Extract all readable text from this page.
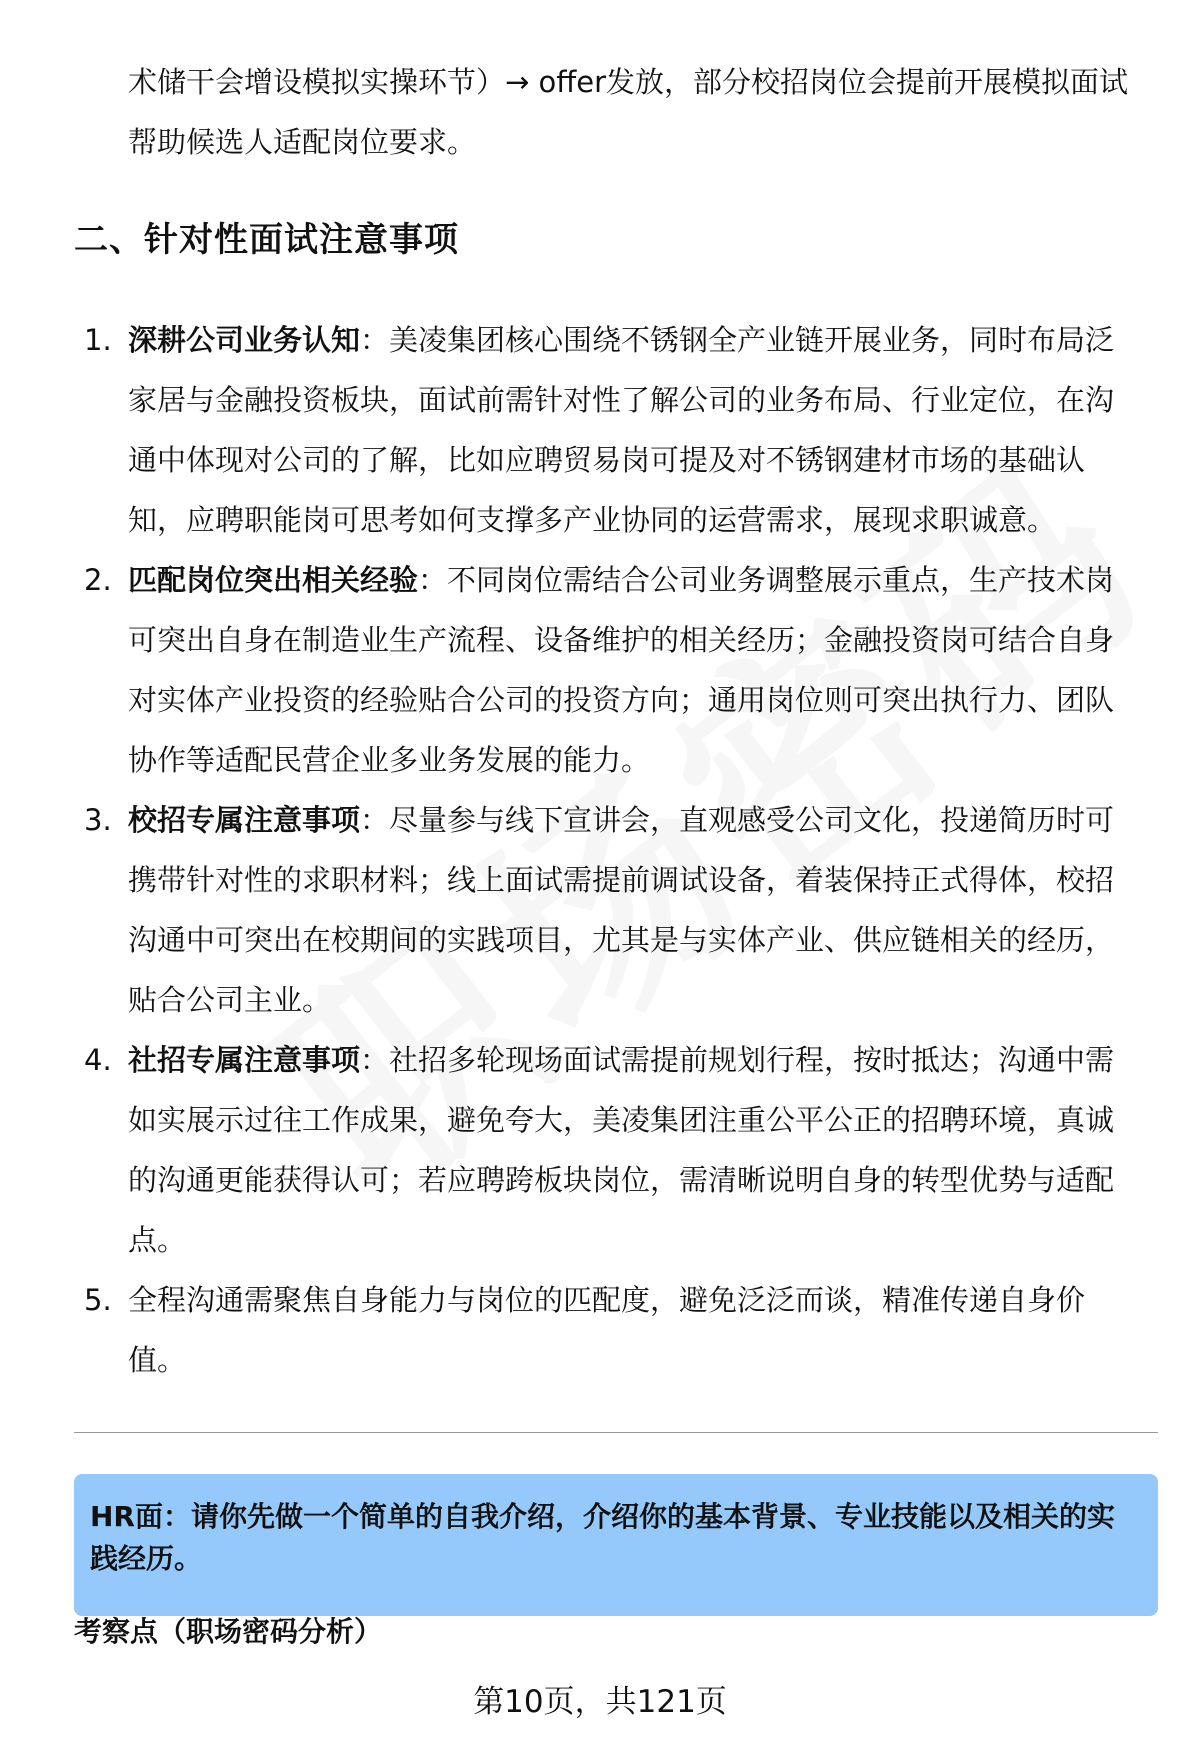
术储干会增设模拟实操环节）→ offer发放，部分校招岗位会提前开展模拟面试帮助候选人适配岗位要求。
二、针对性面试注意事项
1. 深耕公司业务认知：美凌集团核心围绕不锈钢全产业链开展业务，同时布局泛家居与金融投资板块，面试前需针对性了解公司的业务布局、行业定位，在沟通中体现对公司的了解，比如应聘贸易岗可提及对不锈钢建材市场的基础认知，应聘职能岗可思考如何支撑多产业协同的运营需求，展现求职诚意。
2. 匹配岗位突出相关经验：不同岗位需结合公司业务调整展示重点，生产技术岗可突出自身在制造业生产流程、设备维护的相关经历；金融投资岗可结合自身对实体产业投资的经验贴合公司的投资方向；通用岗位则可突出执行力、团队协作等适配民营企业多业务发展的能力。
3. 校招专属注意事项：尽量参与线下宣讲会，直观感受公司文化，投递简历时可携带针对性的求职材料；线上面试需提前调试设备，着装保持正式得体，校招沟通中可突出在校期间的实践项目，尤其是与实体产业、供应链相关的经历，贴合公司主业。
4. 社招专属注意事项：社招多轮现场面试需提前规划行程，按时抵达；沟通中需如实展示过往工作成果，避免夸大，美凌集团注重公平公正的招聘环境，真诚的沟通更能获得认可；若应聘跨板块岗位，需清晰说明自身的转型优势与适配点。
5. 全程沟通需聚焦自身能力与岗位的匹配度，避免泛泛而谈，精准传递自身价值。
HR面：请你先做一个简单的自我介绍，介绍你的基本背景、专业技能以及相关的实践经历。
考察点（职场密码分析）
第10页，共121页
